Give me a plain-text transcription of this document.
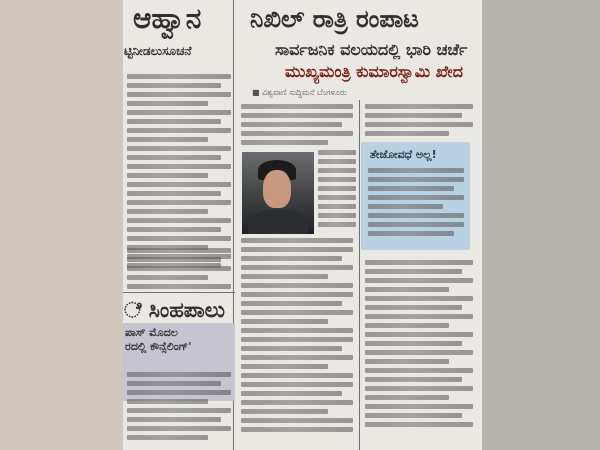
ಆಹ್ವಾನ
ಟ್ಟಿನೀಡಲುಸೂಚನೆ
ನಿಖಿಲ್ ರಾತ್ರಿ ರಂಪಾಟ
ಸಾರ್ವಜನಿಕ ವಲಯದಲ್ಲಿ ಭಾರಿ ಚರ್ಚೆ
ಮುಖ್ಯಮಂತ್ರಿ ಕುಮಾರಸ್ವಾಮಿ ಖೇದ
■ ವಿಶ್ವವಾಣಿ ಸುದ್ದಿಮನೆ ಬೆಂಗಳೂರು
ೆ ಸಿಂಹಪಾಲು
ಪಾಸ್ ಮೊದಲ
ರದಲ್ಲಿ ಕೌನ್ಸೆಲಿಂಗ್'
ತೇಜೋವಧೆ ಅಲ್ಲ!
